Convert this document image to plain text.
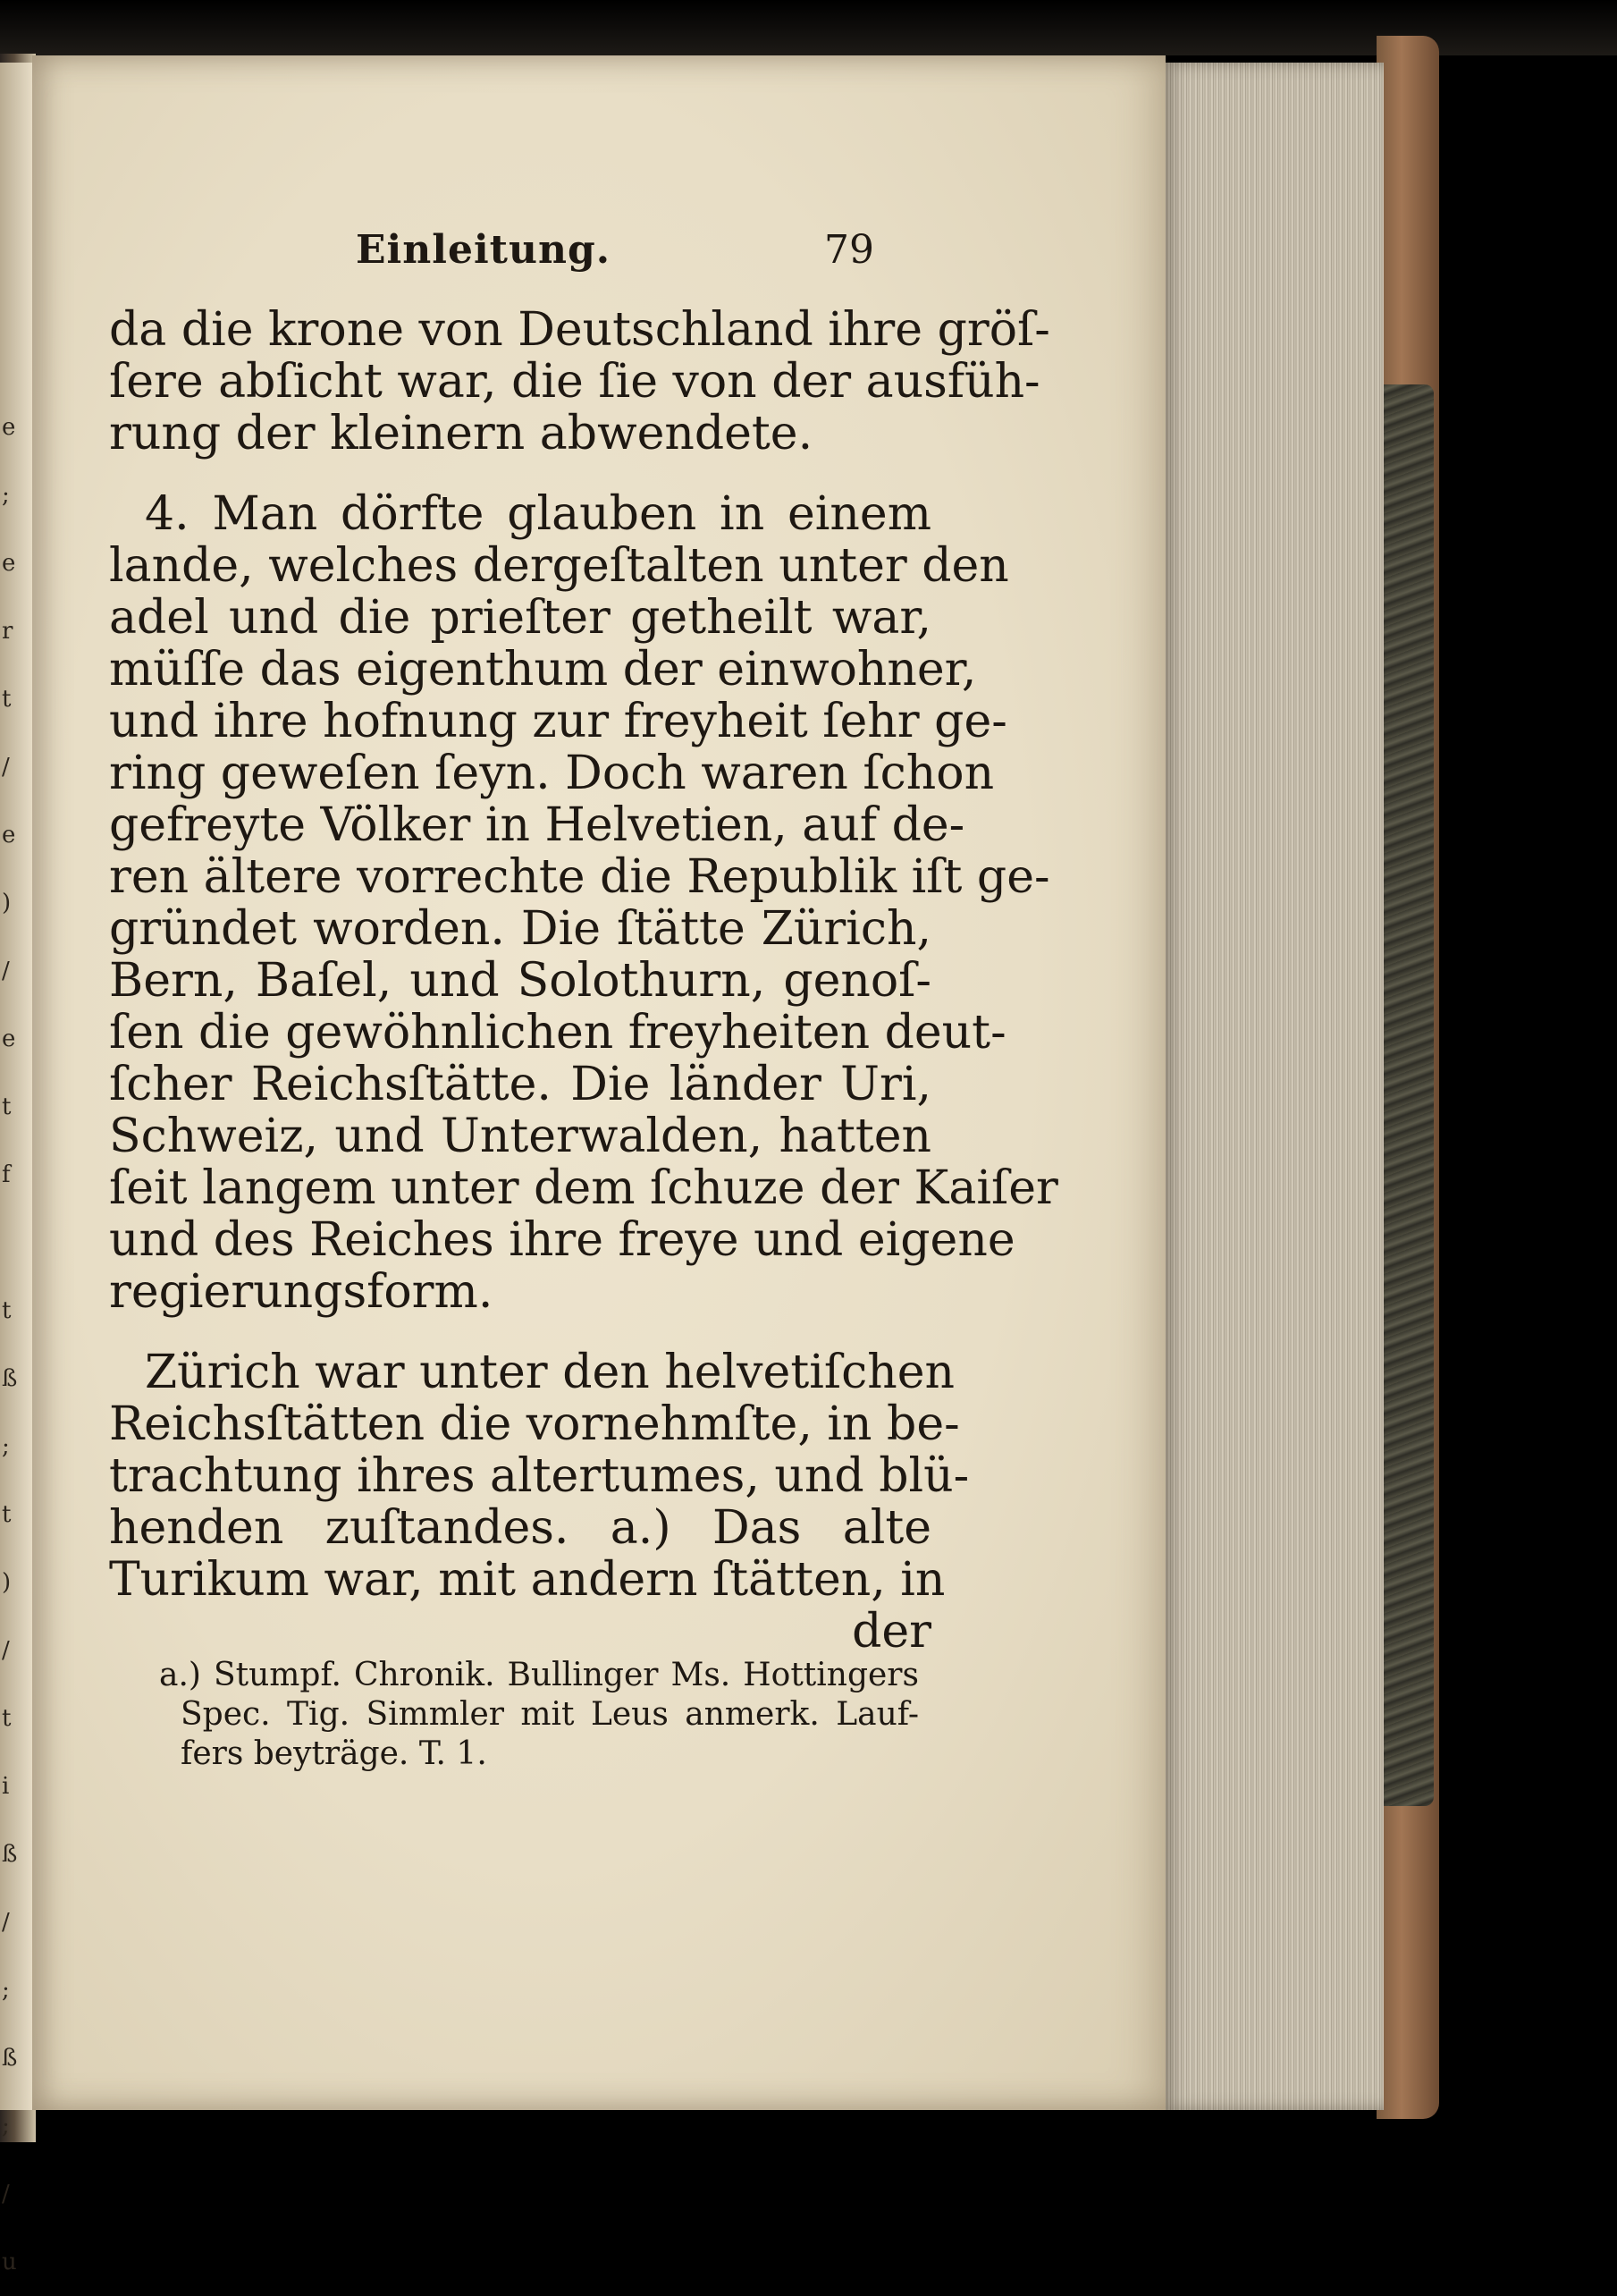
e
;
e
r
t
/
e
)
/
e
t
f

t
ß
;
t
)
/
t
i
ß
/
;
ß
;
/
u
Einleitung.	79
da die krone von Deutschland ihre gröſ-
ſere abſicht war, die ſie von der ausfüh-
rung der kleinern abwendete.
4. Man dörfte glauben in einem
lande, welches dergeſtalten unter den
adel und die prieſter getheilt war,
müſſe das eigenthum der einwohner,
und ihre hofnung zur freyheit ſehr ge-
ring geweſen ſeyn. Doch waren ſchon
gefreyte Völker in Helvetien, auf de-
ren ältere vorrechte die Republik iſt ge-
gründet worden. Die ſtätte Zürich,
Bern, Baſel, und Solothurn, genoſ-
ſen die gewöhnlichen freyheiten deut-
ſcher Reichsſtätte. Die länder Uri,
Schweiz, und Unterwalden, hatten
ſeit langem unter dem ſchuze der Kaiſer
und des Reiches ihre freye und eigene
regierungsform.
Zürich war unter den helvetiſchen
Reichsſtätten die vornehmſte, in be-
trachtung ihres altertumes, und blü-
henden zuſtandes. a.) Das alte
Turikum war, mit andern ſtätten, in
der
a.) Stumpf. Chronik. Bullinger Ms. Hottingers
Spec. Tig. Simmler mit Leus anmerk. Lauf-
fers beyträge. T. 1.
